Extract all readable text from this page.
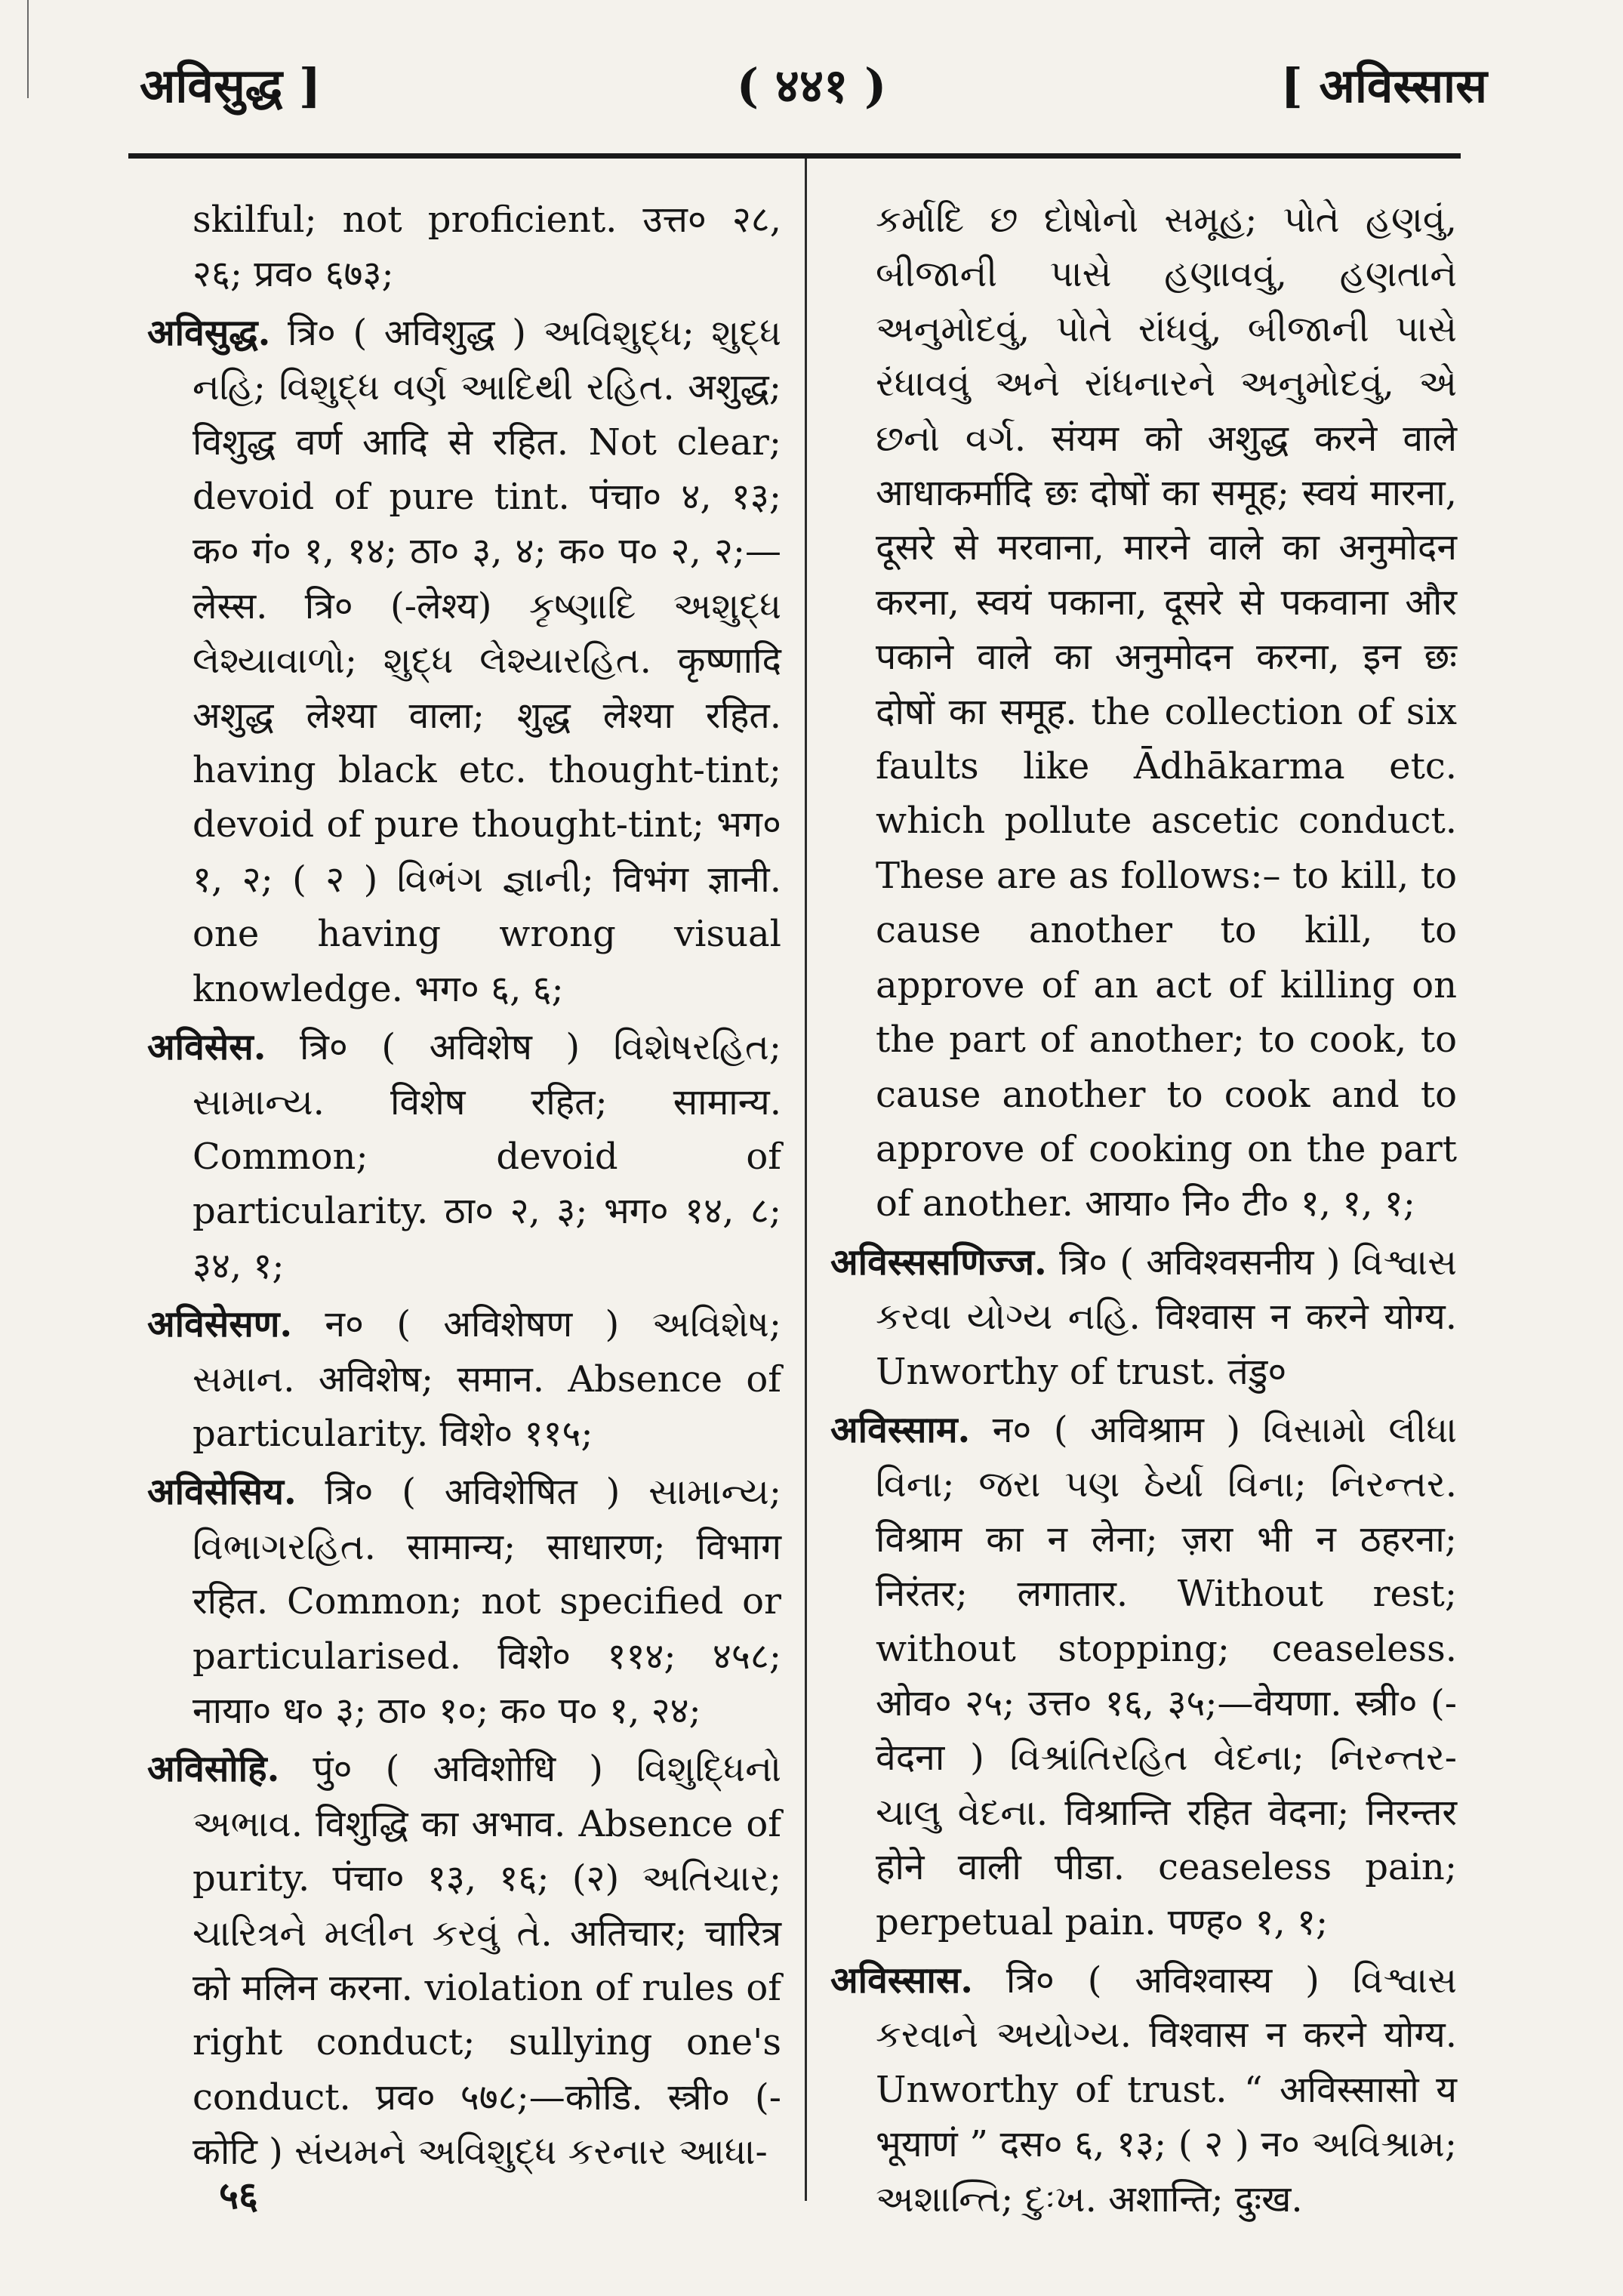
अविसुद्ध ]	( ४४१ )	[ अविस्सास
skilful; not proficient. उत्त० २८, २६; प्रव० ६७३;
अविसुद्ध. त्रि० ( अविशुद्ध ) અવિશુદ્ધ; શુદ્ધ નહિ; વિશુદ્ધ વર્ણ આદિથી રહિત. अशुद्ध; विशुद्ध वर्ण आदि से रहित. Not clear; devoid of pure tint. पंचा० ४, १३; क० गं० १, १४; ठा० ३, ४; क० प० २, २;—लेस्स. त्रि० (-लेश्य) કૃષ્ણાદિ અશુદ્ધ લેશ્યાવાળો; શુદ્ધ લેશ્યારહિત. कृष्णादि अशुद्ध लेश्या वाला; शुद्ध लेश्या रहित. having black etc. thought-tint; devoid of pure thought-tint; भग० १, २; ( २ ) વિભંગ જ્ઞાની; विभंग ज्ञानी. one having wrong visual knowledge. भग० ६, ६;
अविसेस. त्रि० ( अविशेष ) વિશેષરહિત; સામાન્ય. विशेष रहित; सामान्य. Common; devoid of particularity. ठा० २, ३; भग० १४, ८; ३४, १;
अविसेसण. न० ( अविशेषण ) અવિશેષ; સમાન. अविशेष; समान. Absence of particularity. विशे० ११५;
अविसेसिय. त्रि० ( अविशेषित ) સામાન્ય; વિભાગરહિત. सामान्य; साधारण; विभाग रहित. Common; not specified or particularised. विशे० ११४; ४५८; नाया० ध० ३; ठा० १०; क० प० १, २४;
अविसोहि. पुं० ( अविशोधि ) વિશુદ્ધિનો અભાવ. विशुद्धि का अभाव. Absence of purity. पंचा० १३, १६; (२) અતિચાર; ચારિત્રને મલીન કરવું તે. अतिचार; चारित्र को मलिन करना. violation of rules of right conduct; sullying one's conduct. प्रव० ५७८;—कोडि. स्त्री० (-कोटि ) સંયમને અવિશુદ્ધ કરનાર આધા-
કર્માદિ છ દોષોનો સમૂહ; પોતે હણવું, બીજાની પાસે હણાવવું, હણતાને અનુમોદવું, પોતે રાંધવું, બીજાની પાસે રંધાવવું અને રાંધનારને અનુમોદવું, એ છનો વર્ગ. संयम को अशुद्ध करने वाले आधाकर्मादि छः दोषों का समूह; स्वयं मारना, दूसरे से मरवाना, मारने वाले का अनुमोदन करना, स्वयं पकाना, दूसरे से पकवाना और पकाने वाले का अनुमोदन करना, इन छः दोषों का समूह. the collection of six faults like Ādhākarma etc. which pollute ascetic conduct. These are as follows:– to kill, to cause another to kill, to approve of an act of killing on the part of another; to cook, to cause another to cook and to approve of cooking on the part of another. आया० नि० टी० १, १, १;
अविस्ससणिज्ज. त्रि० ( अविश्वसनीय ) વિશ્વાસ કરવા યોગ્ય નહિ. विश्वास न करने योग्य. Unworthy of trust. तंडु०
अविस्साम. न० ( अविश्राम ) વિસામો લીધા વિના; જરા પણ ઠેર્યા વિના; નિરન્તર. विश्राम का न लेना; ज़रा भी न ठहरना; निरंतर; लगातार. Without rest; without stopping; ceaseless. ओव० २५; उत्त० १६, ३५;—वेयणा. स्त्री० (-वेदना ) વિશ્રાંતિરહિત વેદના; નિરન્તર-ચાલુ વેદના. विश्रान्ति रहित वेदना; निरन्तर होने वाली पीडा. ceaseless pain; perpetual pain. पण्ह० १, १;
अविस्सास. त्रि० ( अविश्वास्य ) વિશ્વાસ કરવાને અયોગ્ય. विश्वास न करने योग्य. Unworthy of trust. “ अविस्सासो य भूयाणं ” दस० ६, १३; ( २ ) न० અવિશ્રામ; અશાન્તિ; દુઃખ. अशान्ति; दुःख.
५६
